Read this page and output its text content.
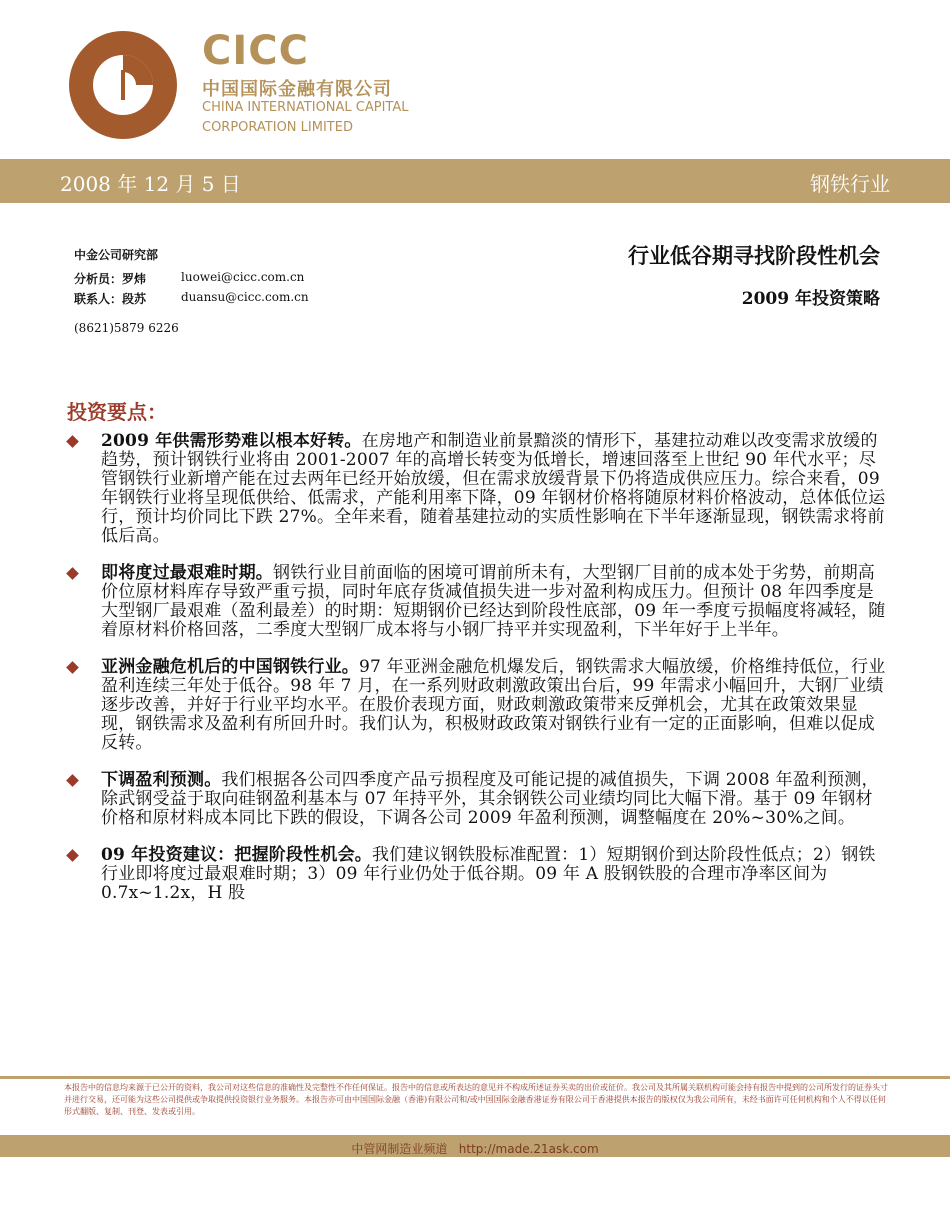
CICC
中国国际金融有限公司
CHINA INTERNATIONAL CAPITAL
CORPORATION LIMITED
2008 年 12 月 5 日	钢铁行业
中金公司研究部
分析员：罗炜	luowei@cicc.com.cn
联系人：段苏	duansu@cicc.com.cn
(8621)5879 6226
行业低谷期寻找阶段性机会
2009 年投资策略
投资要点：
2009 年供需形势难以根本好转。在房地产和制造业前景黯淡的情形下，基建拉动难以改变需求放缓的趋势，预计钢铁行业将由 2001-2007 年的高增长转变为低增长，增速回落至上世纪 90 年代水平；尽管钢铁行业新增产能在过去两年已经开始放缓，但在需求放缓背景下仍将造成供应压力。综合来看，09 年钢铁行业将呈现低供给、低需求，产能利用率下降，09 年钢材价格将随原材料价格波动，总体低位运行，预计均价同比下跌 27%。全年来看，随着基建拉动的实质性影响在下半年逐渐显现，钢铁需求将前低后高。
即将度过最艰难时期。钢铁行业目前面临的困境可谓前所未有，大型钢厂目前的成本处于劣势，前期高价位原材料库存导致严重亏损，同时年底存货减值损失进一步对盈利构成压力。但预计 08 年四季度是大型钢厂最艰难（盈利最差）的时期：短期钢价已经达到阶段性底部，09 年一季度亏损幅度将减轻，随着原材料价格回落，二季度大型钢厂成本将与小钢厂持平并实现盈利，下半年好于上半年。
亚洲金融危机后的中国钢铁行业。97 年亚洲金融危机爆发后，钢铁需求大幅放缓，价格维持低位，行业盈利连续三年处于低谷。98 年 7 月，在一系列财政刺激政策出台后，99 年需求小幅回升，大钢厂业绩逐步改善，并好于行业平均水平。在股价表现方面，财政刺激政策带来反弹机会，尤其在政策效果显现，钢铁需求及盈利有所回升时。我们认为，积极财政政策对钢铁行业有一定的正面影响，但难以促成反转。
下调盈利预测。我们根据各公司四季度产品亏损程度及可能记提的减值损失，下调 2008 年盈利预测，除武钢受益于取向硅钢盈利基本与 07 年持平外，其余钢铁公司业绩均同比大幅下滑。基于 09 年钢材价格和原材料成本同比下跌的假设，下调各公司 2009 年盈利预测，调整幅度在 20%~30%之间。
09 年投资建议：把握阶段性机会。我们建议钢铁股标准配置：1）短期钢价到达阶段性低点；2）钢铁行业即将度过最艰难时期；3）09 年行业仍处于低谷期。09 年 A 股钢铁股的合理市净率区间为 0.7x~1.2x，H 股
本报告中的信息均来源于已公开的资料，我公司对这些信息的准确性及完整性不作任何保证。报告中的信息或所表达的意见并不构成所述证券买卖的出价或征价。我公司及其所属关联机构可能会持有报告中提到的公司所发行的证券头寸并进行交易，还可能为这些公司提供或争取提供投资银行业务服务。本报告亦可由中国国际金融（香港)有限公司和/或中国国际金融香港证券有限公司于香港提供本报告的版权仅为我公司所有，未经书面许可任何机构和个人不得以任何形式翻版、复制、刊登、发表或引用。
中管网制造业频道 http://made.21ask.com
